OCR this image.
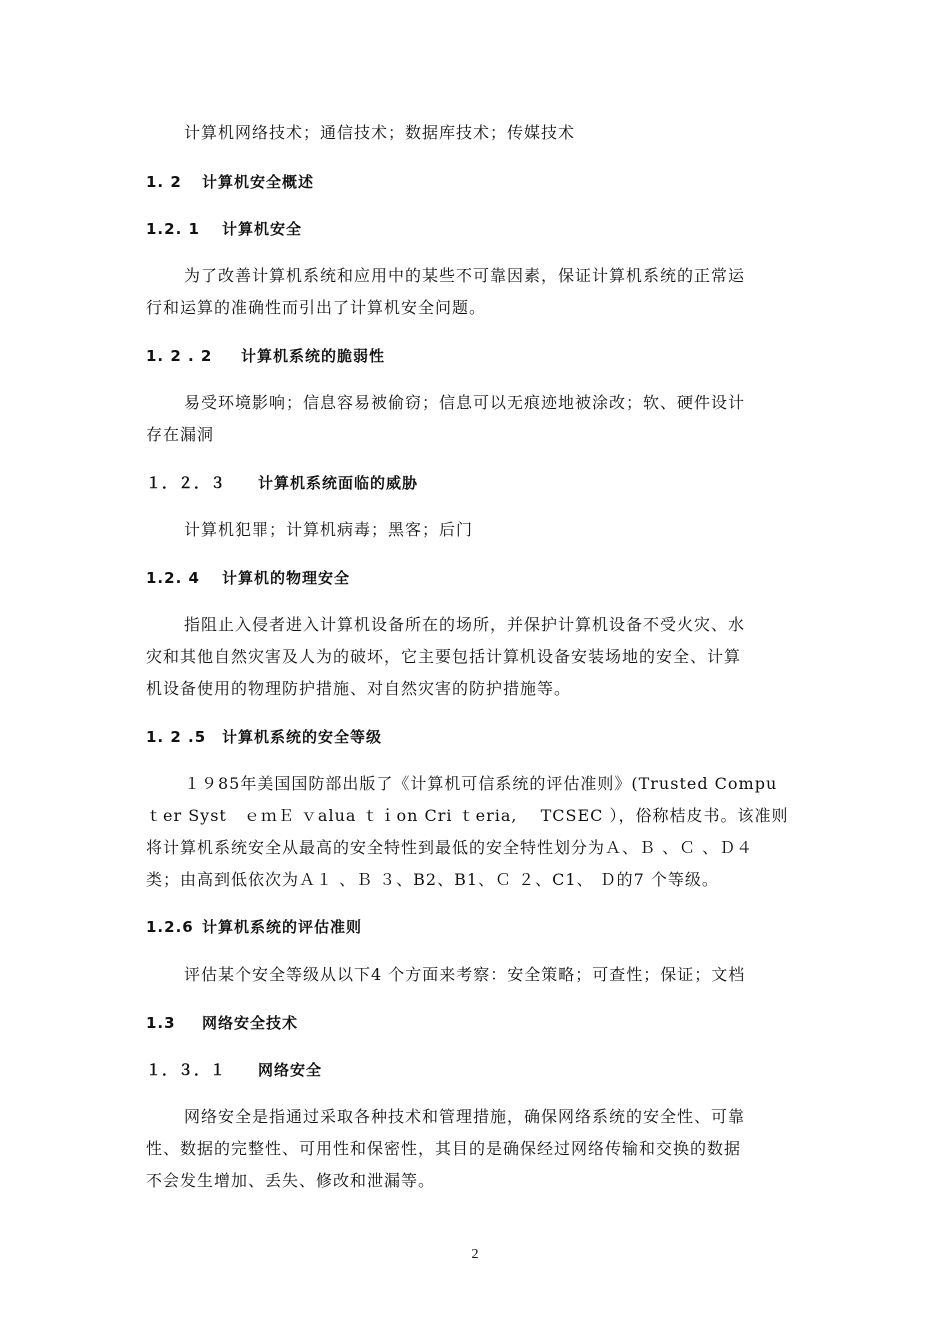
计算机网络技术；通信技术；数据库技术；传媒技术
1. 2 计算机安全概述
1.2. 1 计算机安全
为了改善计算机系统和应用中的某些不可靠因素，保证计算机系统的正常运
行和运算的准确性而引出了计算机安全问题。
1. 2 . 2 计算机系统的脆弱性
易受环境影响；信息容易被偷窃；信息可以无痕迹地被涂改；软、硬件设计
存在漏洞
１．２．３ 计算机系统面临的威胁
计算机犯罪；计算机病毒；黑客；后门
1.2. 4 计算机的物理安全
指阻止入侵者进入计算机设备所在的场所，并保护计算机设备不受火灾、水
灾和其他自然灾害及人为的破坏，它主要包括计算机设备安装场地的安全、计算
机设备使用的物理防护措施、对自然灾害的防护措施等。
1. 2 .5 计算机系统的安全等级
１９85年美国国防部出版了《计算机可信系统的评估准则》(Trusted Compu
ｔer Syst　ｅｍＥ ｖalua ｔｉon Cri ｔeria,　 TCSEC ），俗称桔皮书。该准则
将计算机系统安全从最高的安全特性到最低的安全特性划分为Ａ、Ｂ 、Ｃ 、Ｄ４
类；由高到低依次为Ａ１ 、Ｂ ３、B2、B1、Ｃ ２、C1、 Ｄ的7 个等级。
1.2.6 计算机系统的评估准则
评估某个安全等级从以下4 个方面来考察：安全策略；可查性；保证；文档
1.3 网络安全技术
１．３．１ 网络安全
网络安全是指通过采取各种技术和管理措施，确保网络系统的安全性、可靠
性、数据的完整性、可用性和保密性，其目的是确保经过网络传输和交换的数据
不会发生增加、丢失、修改和泄漏等。
2
